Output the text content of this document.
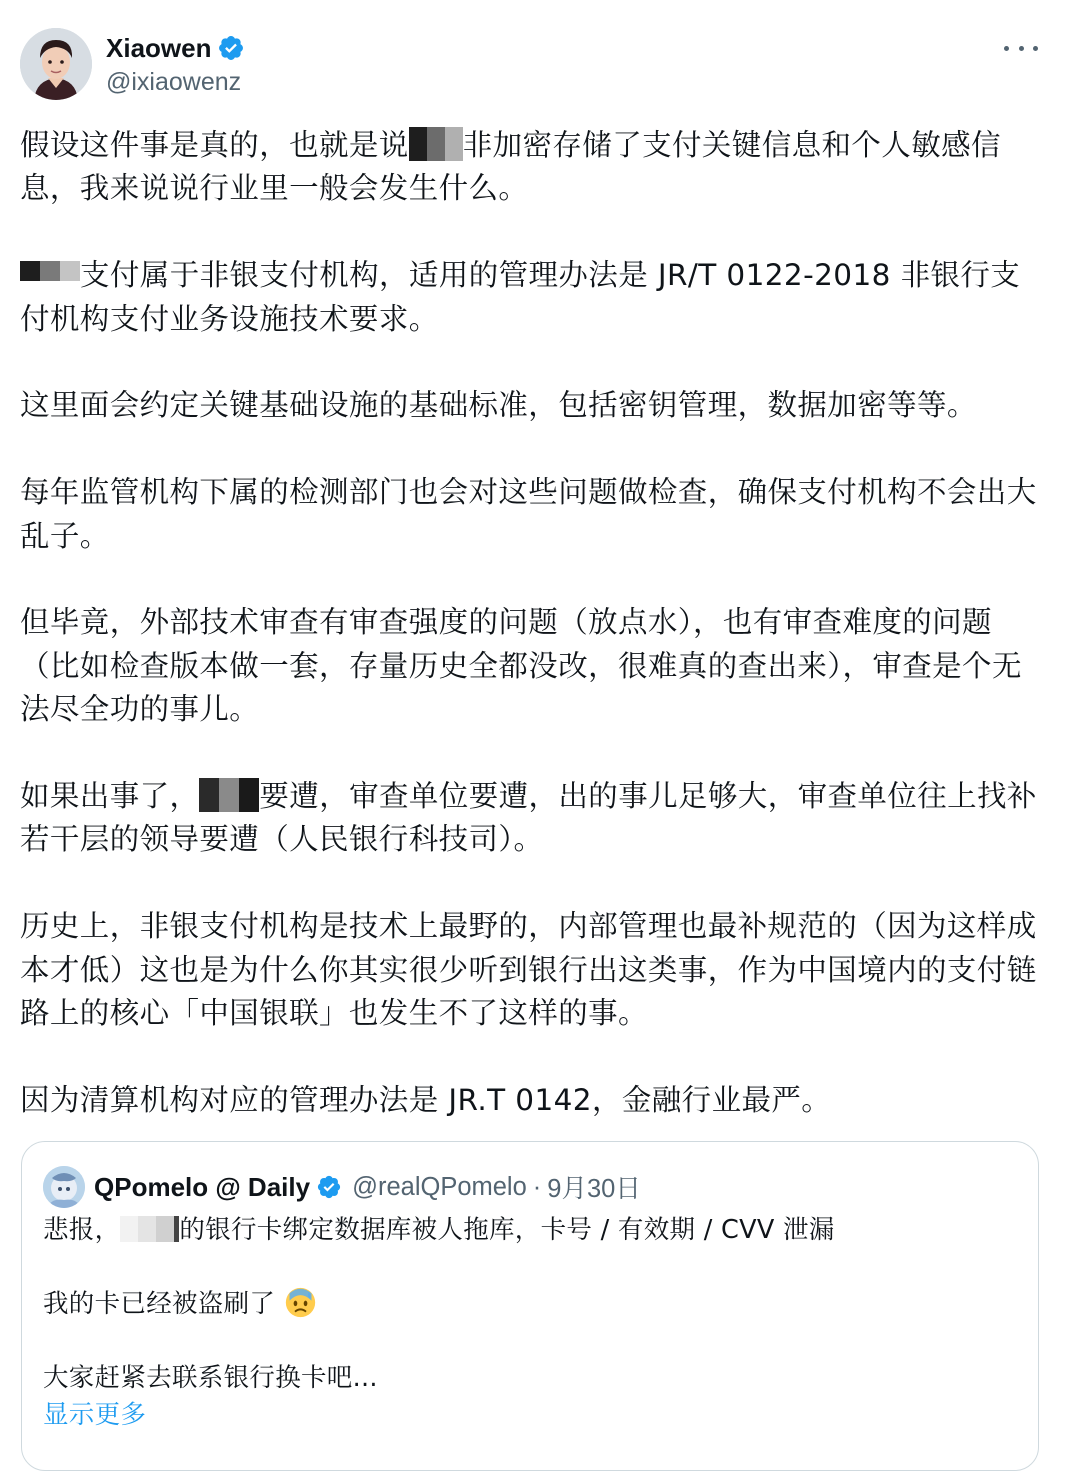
Xiaowen
@ixiaowenz

假设这件事是真的，也就是说 非加密存储了支付关键信息和个人敏感信息，我来说说行业里一般会发生什么。

支付属于非银支付机构，适用的管理办法是 JR/T 0122-2018 非银行支付机构支付业务设施技术要求。

这里面会约定关键基础设施的基础标准，包括密钥管理，数据加密等等。

每年监管机构下属的检测部门也会对这些问题做检查，确保支付机构不会出大乱子。

但毕竟，外部技术审查有审查强度的问题（放点水），也有审查难度的问题（比如检查版本做一套，存量历史全都没改，很难真的查出来），审查是个无法尽全功的事儿。

如果出事了， 要遭，审查单位要遭，出的事儿足够大，审查单位往上找补若干层的领导要遭（人民银行科技司）。

历史上，非银支付机构是技术上最野的，内部管理也最补规范的（因为这样成本才低）这也是为什么你其实很少听到银行出这类事，作为中国境内的支付链路上的核心「中国银联」也发生不了这样的事。

因为清算机构对应的管理办法是 JR.T 0142，金融行业最严。

QPomelo @ Daily @realQPomelo · 9月30日

悲报， 的银行卡绑定数据库被人拖库，卡号 / 有效期 / CVV 泄漏

我的卡已经被盗刷了

大家赶紧去联系银行换卡吧...

显示更多
